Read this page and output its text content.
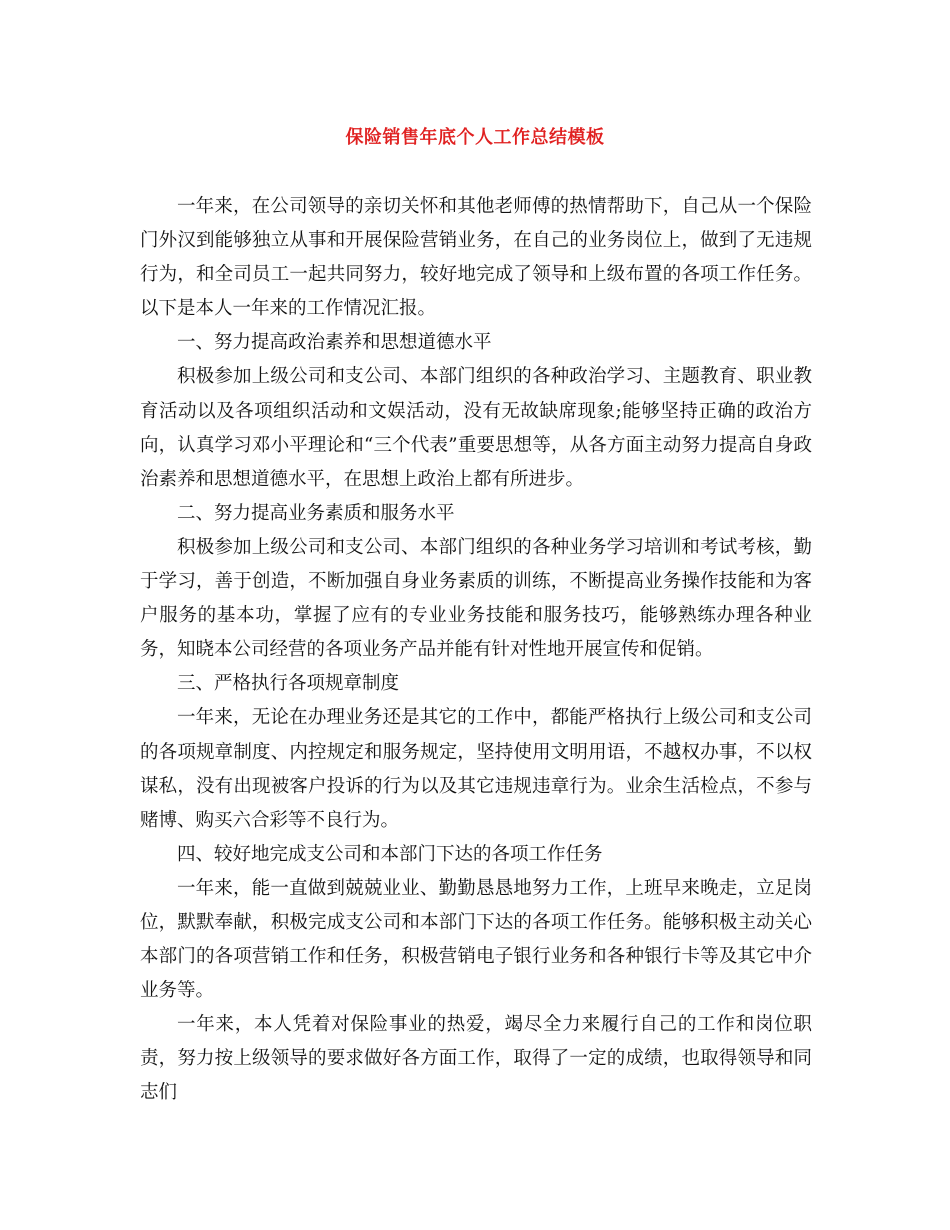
保险销售年底个人工作总结模板

一年来，在公司领导的亲切关怀和其他老师傅的热情帮助下，自己从一个保险门外汉到能够独立从事和开展保险营销业务，在自己的业务岗位上，做到了无违规行为，和全司员工一起共同努力，较好地完成了领导和上级布置的各项工作任务。以下是本人一年来的工作情况汇报。

一、努力提高政治素养和思想道德水平

积极参加上级公司和支公司、本部门组织的各种政治学习、主题教育、职业教育活动以及各项组织活动和文娱活动，没有无故缺席现象;能够坚持正确的政治方向，认真学习邓小平理论和“三个代表”重要思想等，从各方面主动努力提高自身政治素养和思想道德水平，在思想上政治上都有所进步。

二、努力提高业务素质和服务水平

积极参加上级公司和支公司、本部门组织的各种业务学习培训和考试考核，勤于学习，善于创造，不断加强自身业务素质的训练，不断提高业务操作技能和为客户服务的基本功，掌握了应有的专业业务技能和服务技巧，能够熟练办理各种业务，知晓本公司经营的各项业务产品并能有针对性地开展宣传和促销。

三、严格执行各项规章制度

一年来，无论在办理业务还是其它的工作中，都能严格执行上级公司和支公司的各项规章制度、内控规定和服务规定，坚持使用文明用语，不越权办事，不以权谋私，没有出现被客户投诉的行为以及其它违规违章行为。业余生活检点，不参与赌博、购买六合彩等不良行为。

四、较好地完成支公司和本部门下达的各项工作任务

一年来，能一直做到兢兢业业、勤勤恳恳地努力工作，上班早来晚走，立足岗位，默默奉献，积极完成支公司和本部门下达的各项工作任务。能够积极主动关心本部门的各项营销工作和任务，积极营销电子银行业务和各种银行卡等及其它中介业务等。

一年来，本人凭着对保险事业的热爱，竭尽全力来履行自己的工作和岗位职责，努力按上级领导的要求做好各方面工作，取得了一定的成绩，也取得领导和同志们
